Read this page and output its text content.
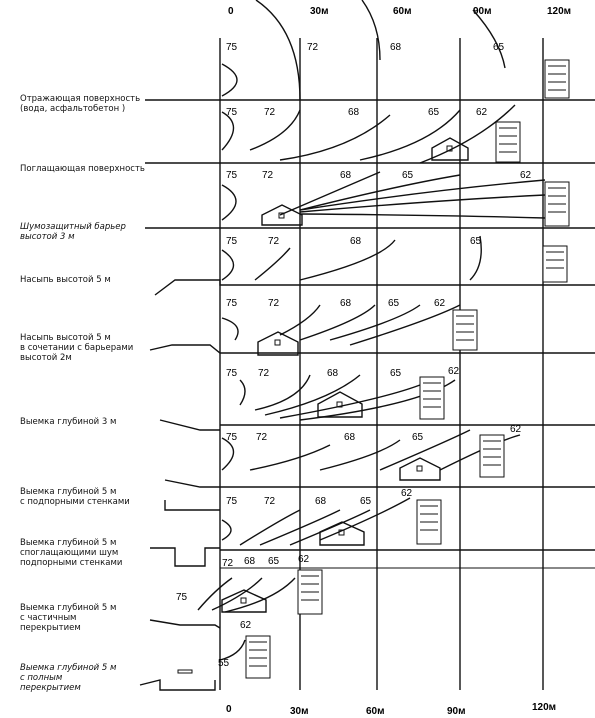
0	30м	60м	90м	120м
0	30м	60м	90м	120м
75	72	68	65
75	72	68	65	62
75 72	68	65	62
75	72	68	65
75	72	68	65	62
75 72	68	65	62
75 72	68	65
62
75	72	68	65
62
72 68 65 62
75
62
55
Отражающая поверхность
(вода, асфальтобетон )
Поглащающая поверхность
Шумозащитный барьер
высотой 3 м
Насыпь высотой 5 м
Насыпь высотой 5 м
в сочетании с барьерами
высотой 2м
Выемка глубиной 3 м
Выемка глубиной 5 м
с подпорными стенками
Выемка глубиной 5 м
споглащающими шум
подпорными стенками
Выемка глубиной 5 м
с частичным
перекрытием
Выемка глубиной 5 м
с полным
перекрытием
